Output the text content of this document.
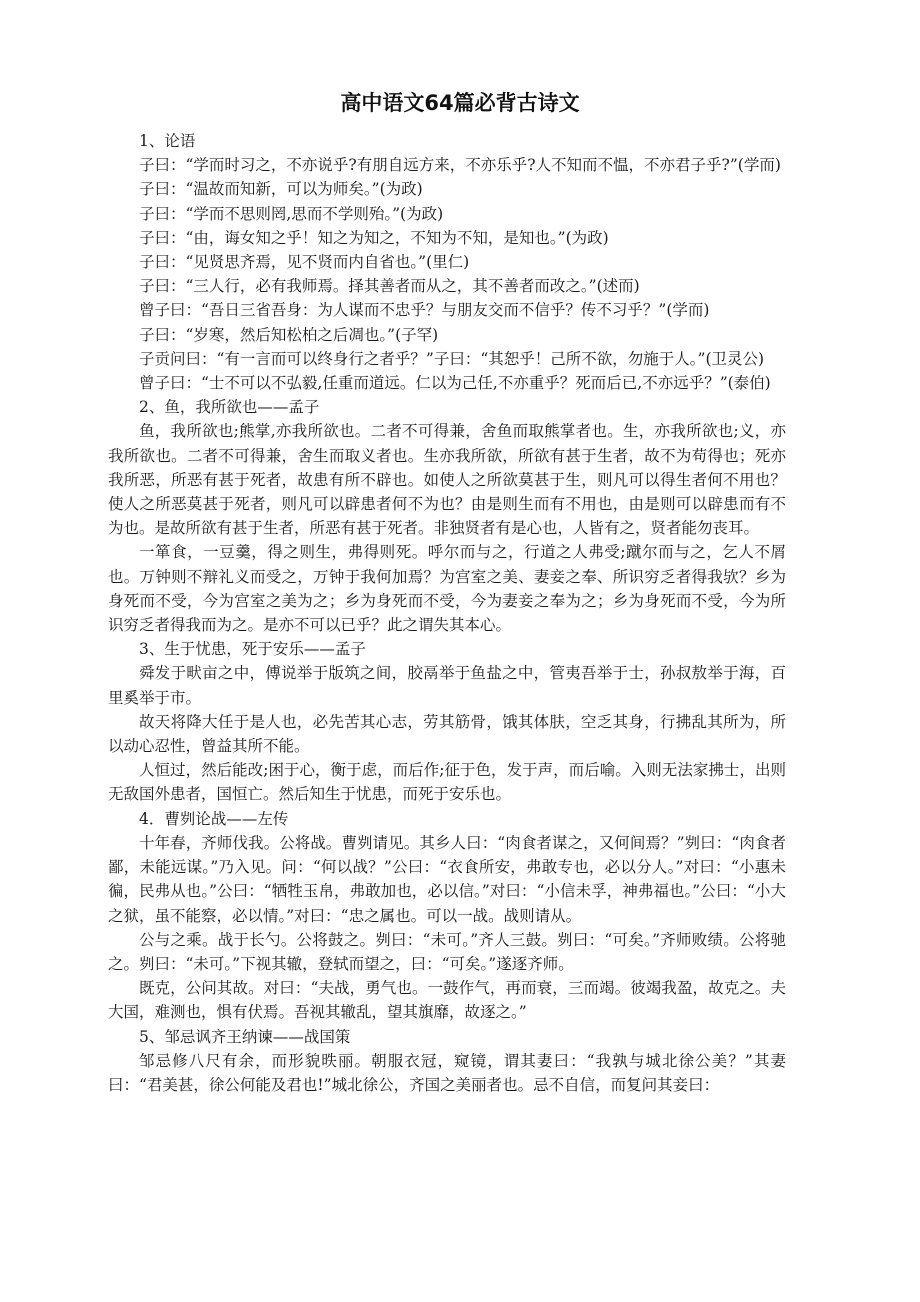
高中语文64篇必背古诗文

1、论语

子曰：“学而时习之，不亦说乎?有朋自远方来，不亦乐乎?人不知而不愠，不亦君子乎?”(学而)

子曰：“温故而知新，可以为师矣。”(为政)

子曰：“学而不思则罔,思而不学则殆。”(为政)

子曰：“由，诲女知之乎！知之为知之，不知为不知，是知也。”(为政)

子曰：“见贤思齐焉，见不贤而内自省也。”(里仁)

子曰：“三人行，必有我师焉。择其善者而从之，其不善者而改之。”(述而)

曾子曰：“吾日三省吾身：为人谋而不忠乎？与朋友交而不信乎？传不习乎？”(学而)

子曰：“岁寒，然后知松柏之后凋也。”(子罕)

子贡问曰：“有一言而可以终身行之者乎？”子曰：“其恕乎！己所不欲，勿施于人。”(卫灵公)

曾子曰：“士不可以不弘毅,任重而道远。仁以为己任,不亦重乎？死而后已,不亦远乎？”(泰伯)

2、鱼，我所欲也——孟子

鱼，我所欲也;熊掌,亦我所欲也。二者不可得兼，舍鱼而取熊掌者也。生，亦我所欲也;义，亦我所欲也。二者不可得兼，舍生而取义者也。生亦我所欲，所欲有甚于生者，故不为苟得也；死亦我所恶，所恶有甚于死者，故患有所不辟也。如使人之所欲莫甚于生，则凡可以得生者何不用也？使人之所恶莫甚于死者，则凡可以辟患者何不为也？由是则生而有不用也，由是则可以辟患而有不为也。是故所欲有甚于生者，所恶有甚于死者。非独贤者有是心也，人皆有之，贤者能勿丧耳。

一箪食，一豆羹，得之则生，弗得则死。呼尔而与之，行道之人弗受;蹴尔而与之，乞人不屑也。万钟则不辩礼义而受之，万钟于我何加焉？为宫室之美、妻妾之奉、所识穷乏者得我欤？乡为身死而不受，今为宫室之美为之；乡为身死而不受，今为妻妾之奉为之；乡为身死而不受，今为所识穷乏者得我而为之。是亦不可以已乎？此之谓失其本心。

3、生于忧患，死于安乐——孟子

舜发于畎亩之中，傅说举于版筑之间，胶鬲举于鱼盐之中，管夷吾举于士，孙叔敖举于海，百里奚举于市。

故天将降大任于是人也，必先苦其心志，劳其筋骨，饿其体肤，空乏其身，行拂乱其所为，所以动心忍性，曾益其所不能。

人恒过，然后能改;困于心，衡于虑，而后作;征于色，发于声，而后喻。入则无法家拂士，出则无敌国外患者，国恒亡。然后知生于忧患，而死于安乐也。

4．曹刿论战——左传

十年春，齐师伐我。公将战。曹刿请见。其乡人曰：“肉食者谋之，又何间焉？”刿曰：“肉食者鄙，未能远谋。”乃入见。问：“何以战？”公曰：“衣食所安，弗敢专也，必以分人。”对曰：“小惠未徧，民弗从也。”公曰：“牺牲玉帛，弗敢加也，必以信。”对曰：“小信未孚，神弗福也。”公曰：“小大之狱，虽不能察，必以情。”对曰：“忠之属也。可以一战。战则请从。

公与之乘。战于长勺。公将鼓之。刿曰：“未可。”齐人三鼓。刿曰：“可矣。”齐师败绩。公将驰之。刿曰：“未可。”下视其辙，登轼而望之，曰：“可矣。”遂逐齐师。

既克，公问其故。对曰：“夫战，勇气也。一鼓作气，再而衰，三而竭。彼竭我盈，故克之。夫大国，难测也，惧有伏焉。吾视其辙乱，望其旗靡，故逐之。”

5、邹忌讽齐王纳谏——战国策

邹忌修八尺有余，而形貌昳丽。朝服衣冠，窥镜，谓其妻曰：“我孰与城北徐公美？”其妻曰：“君美甚，徐公何能及君也!”城北徐公，齐国之美丽者也。忌不自信，而复问其妾曰：
